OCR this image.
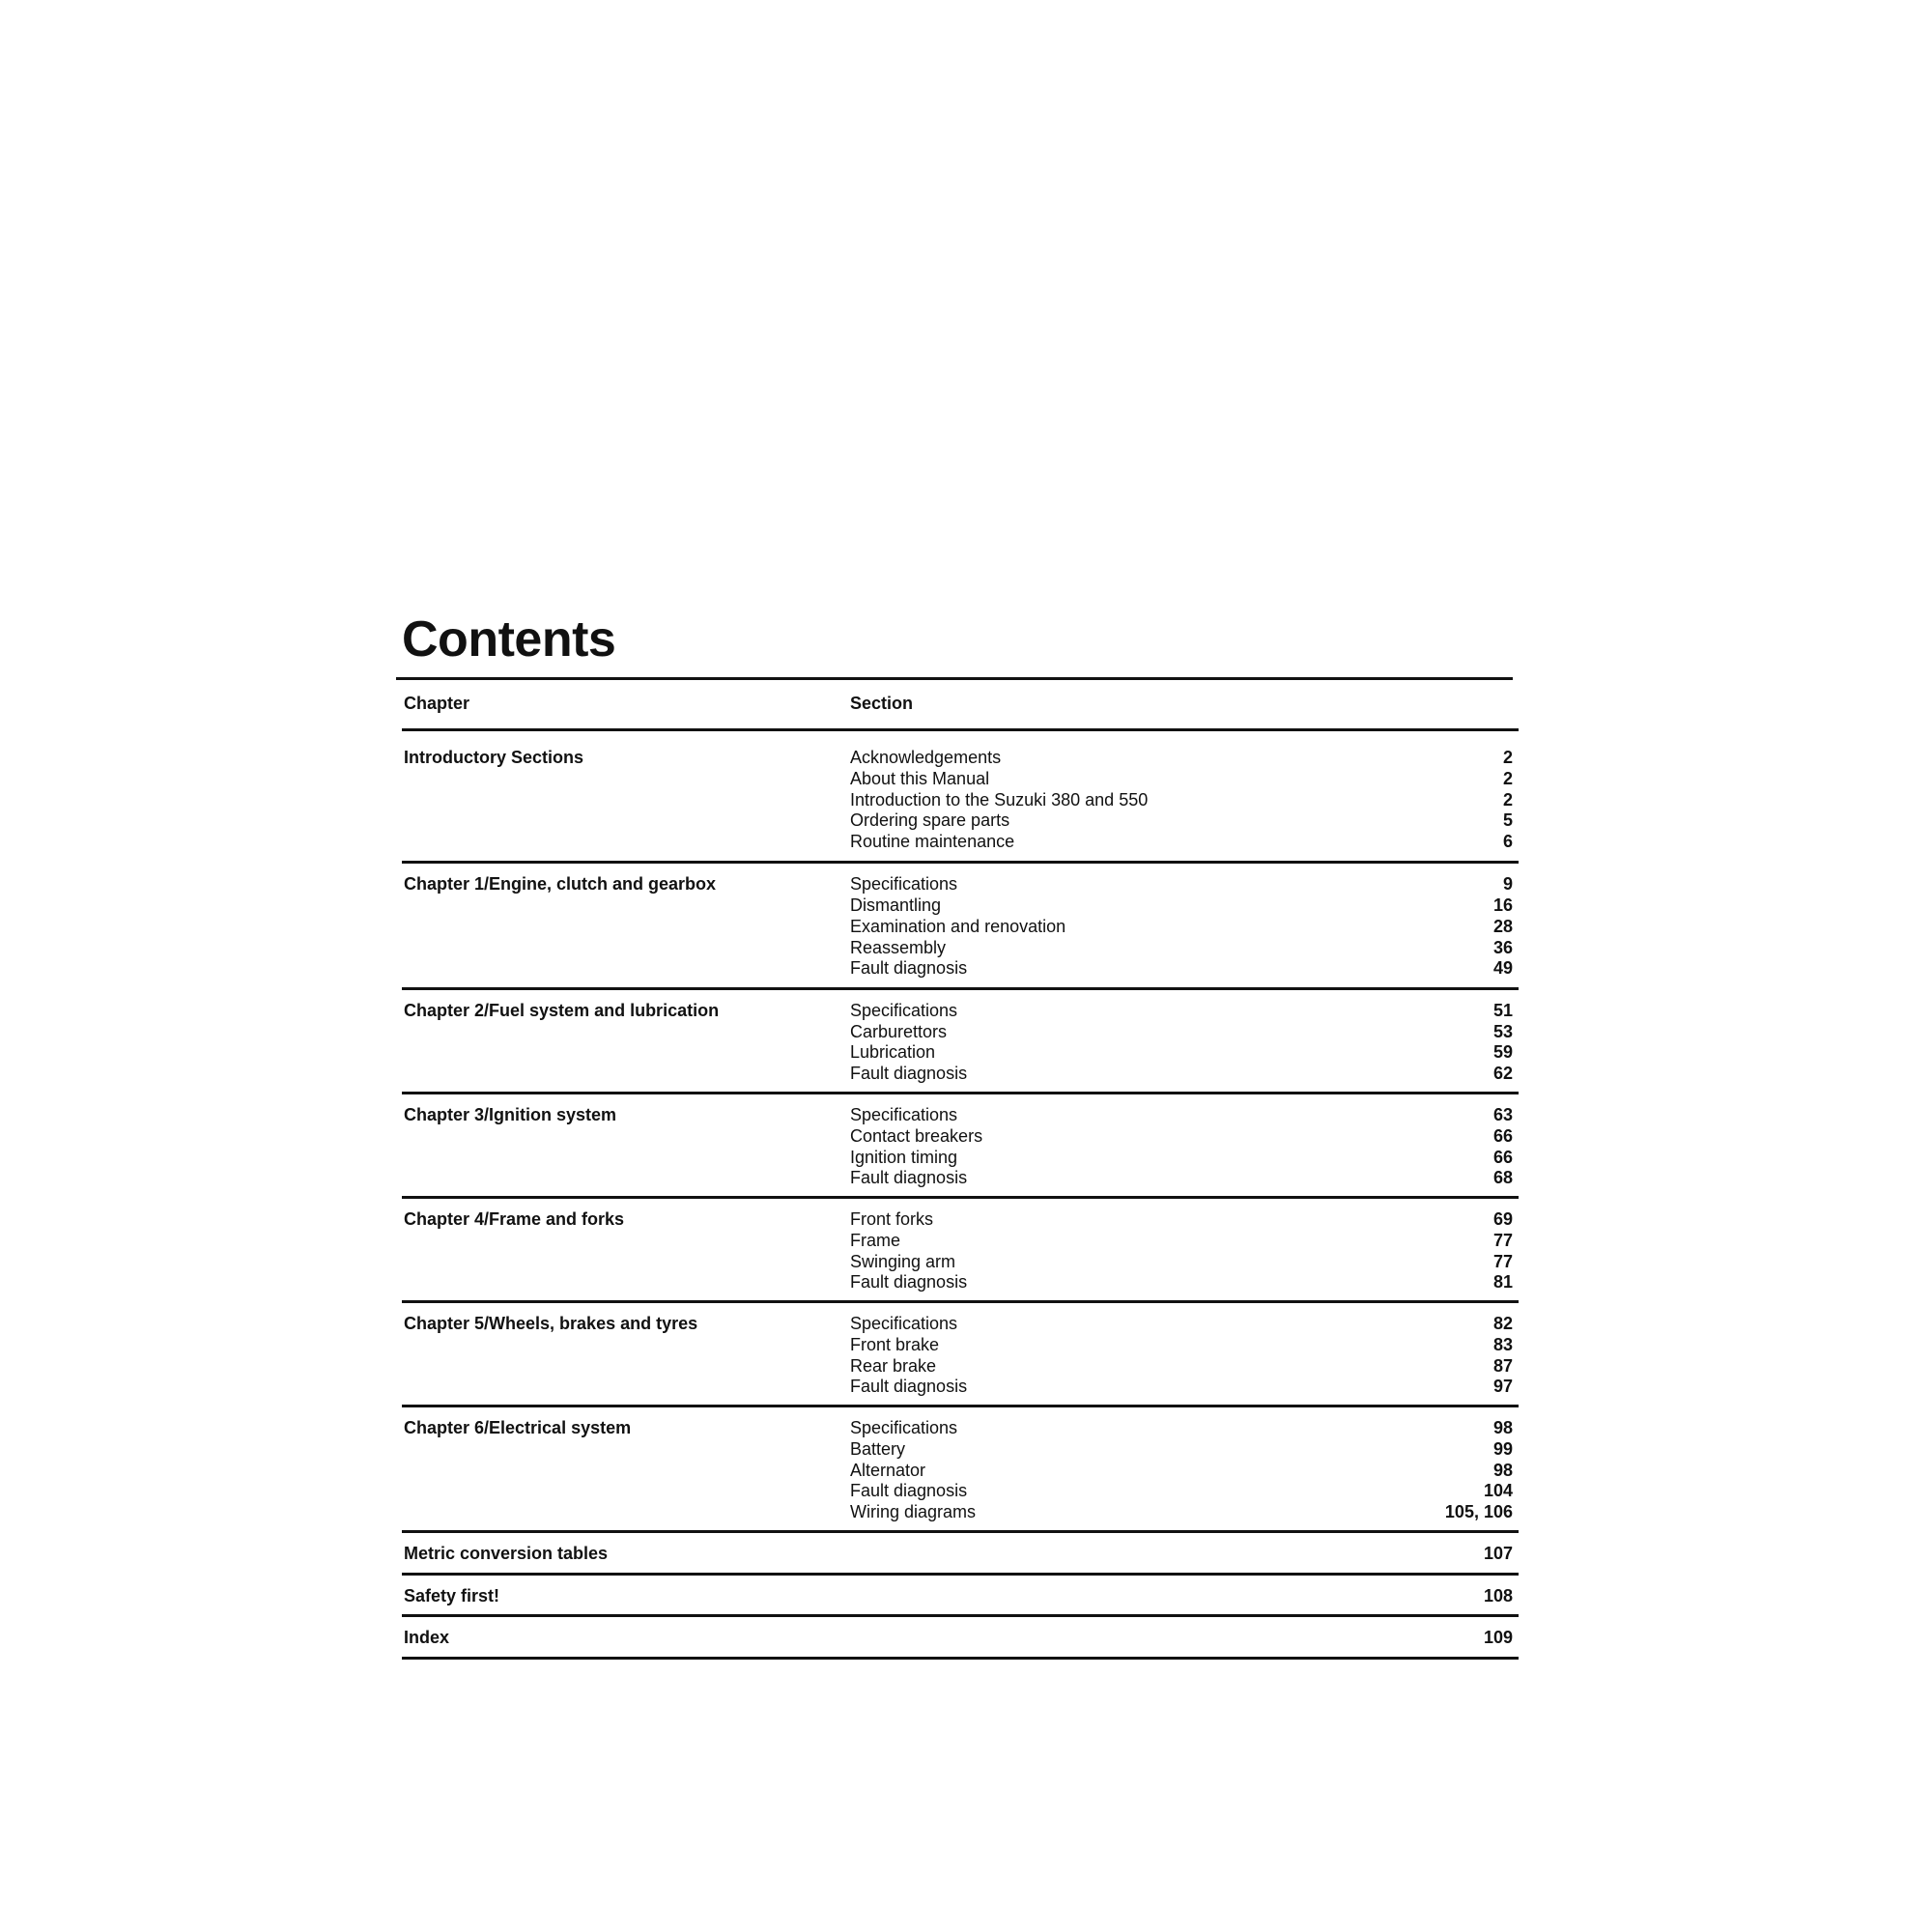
Contents
Chapter	Section
Introductory Sections	Acknowledgements	2
About this Manual	2
Introduction to the Suzuki 380 and 550	2
Ordering spare parts	5
Routine maintenance	6
Chapter 1/Engine, clutch and gearbox	Specifications	9
Dismantling	16
Examination and renovation	28
Reassembly	36
Fault diagnosis	49
Chapter 2/Fuel system and lubrication	Specifications	51
Carburettors	53
Lubrication	59
Fault diagnosis	62
Chapter 3/Ignition system	Specifications	63
Contact breakers	66
Ignition timing	66
Fault diagnosis	68
Chapter 4/Frame and forks	Front forks	69
Frame	77
Swinging arm	77
Fault diagnosis	81
Chapter 5/Wheels, brakes and tyres	Specifications	82
Front brake	83
Rear brake	87
Fault diagnosis	97
Chapter 6/Electrical system	Specifications	98
Battery	99
Alternator	98
Fault diagnosis	104
Wiring diagrams	105, 106
Metric conversion tables	107
Safety first!	108
Index	109
